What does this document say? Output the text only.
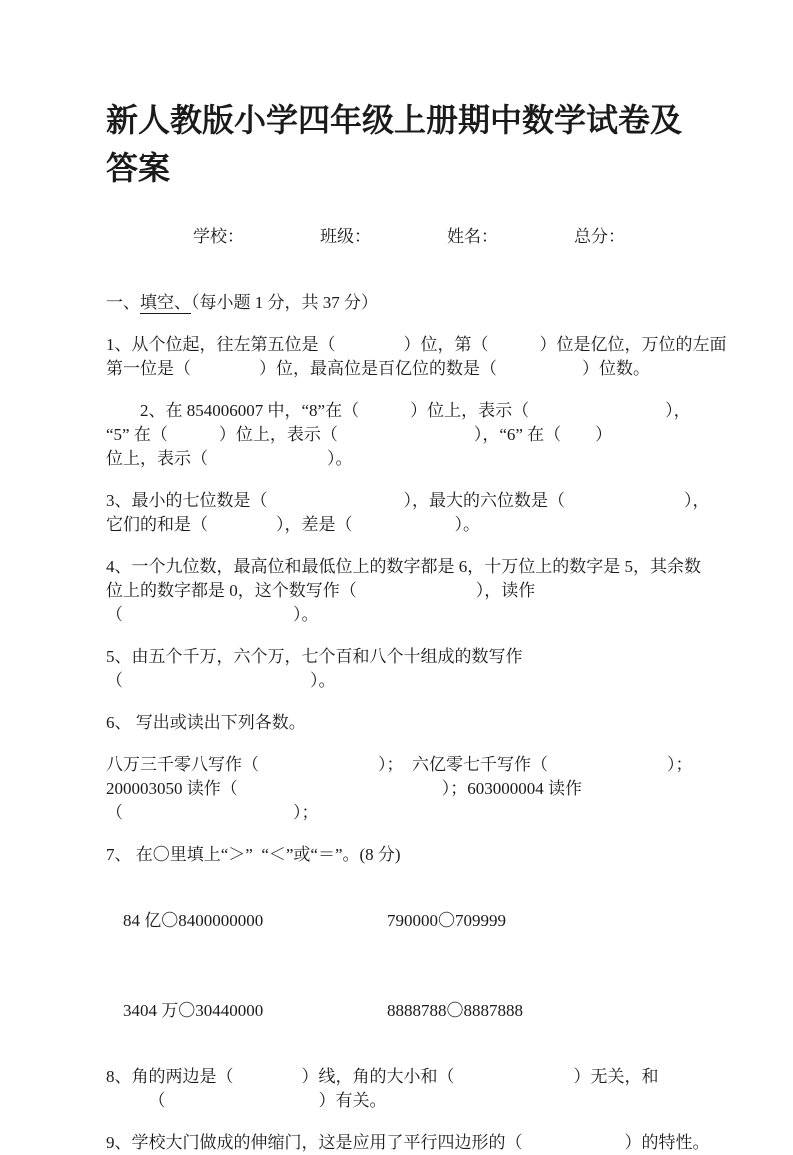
新人教版小学四年级上册期中数学试卷及
答案

学校：	班级：	姓名：	总分：

一、填空、（每小题 1 分，共 37 分）
1、从个位起，往左第五位是（　　　　）位，第（　　　）位是亿位，万位的左面
第一位是（　　　　）位，最高位是百亿位的数是（　　　　　）位数。
　　2、在 854006007 中，“8”在（　　　）位上，表示（　　　　　　　　），
“5” 在（　　　）位上，表示（　　　　　　　　），“6” 在（　　）
位上，表示（　　　　　　　）。
3、最小的七位数是（　　　　　　　　），最大的六位数是（　　　　　　　），
它们的和是（　　　　），差是（　　　　　　）。
4、一个九位数，最高位和最低位上的数字都是 6，十万位上的数字是 5，其余数
位上的数字都是 0，这个数写作（　　　　　　　），读作
（　　　　　　　　　　）。
5、由五个千万，六个万，七个百和八个十组成的数写作
（　　　　　　　　　　　）。
6、 写出或读出下列各数。
八万三千零八写作（　　　　　　　）；  六亿零七千写作（　　　　　　　）；
200003050 读作（　　　　　　　　　　　　）；603000004 读作
（　　　　　　　　　　）；
7、 在〇里填上“＞”  “＜”或“＝”。(8 分)

84 亿〇8400000000	790000〇709999

3404 万〇30440000	8888788〇8887888

8、角的两边是（　　　　）线，角的大小和（　　　　　　　）无关，和
　　　（　　　　　　　　　）有关。
9、学校大门做成的伸缩门，这是应用了平行四边形的（　　　　　　）的特性。
